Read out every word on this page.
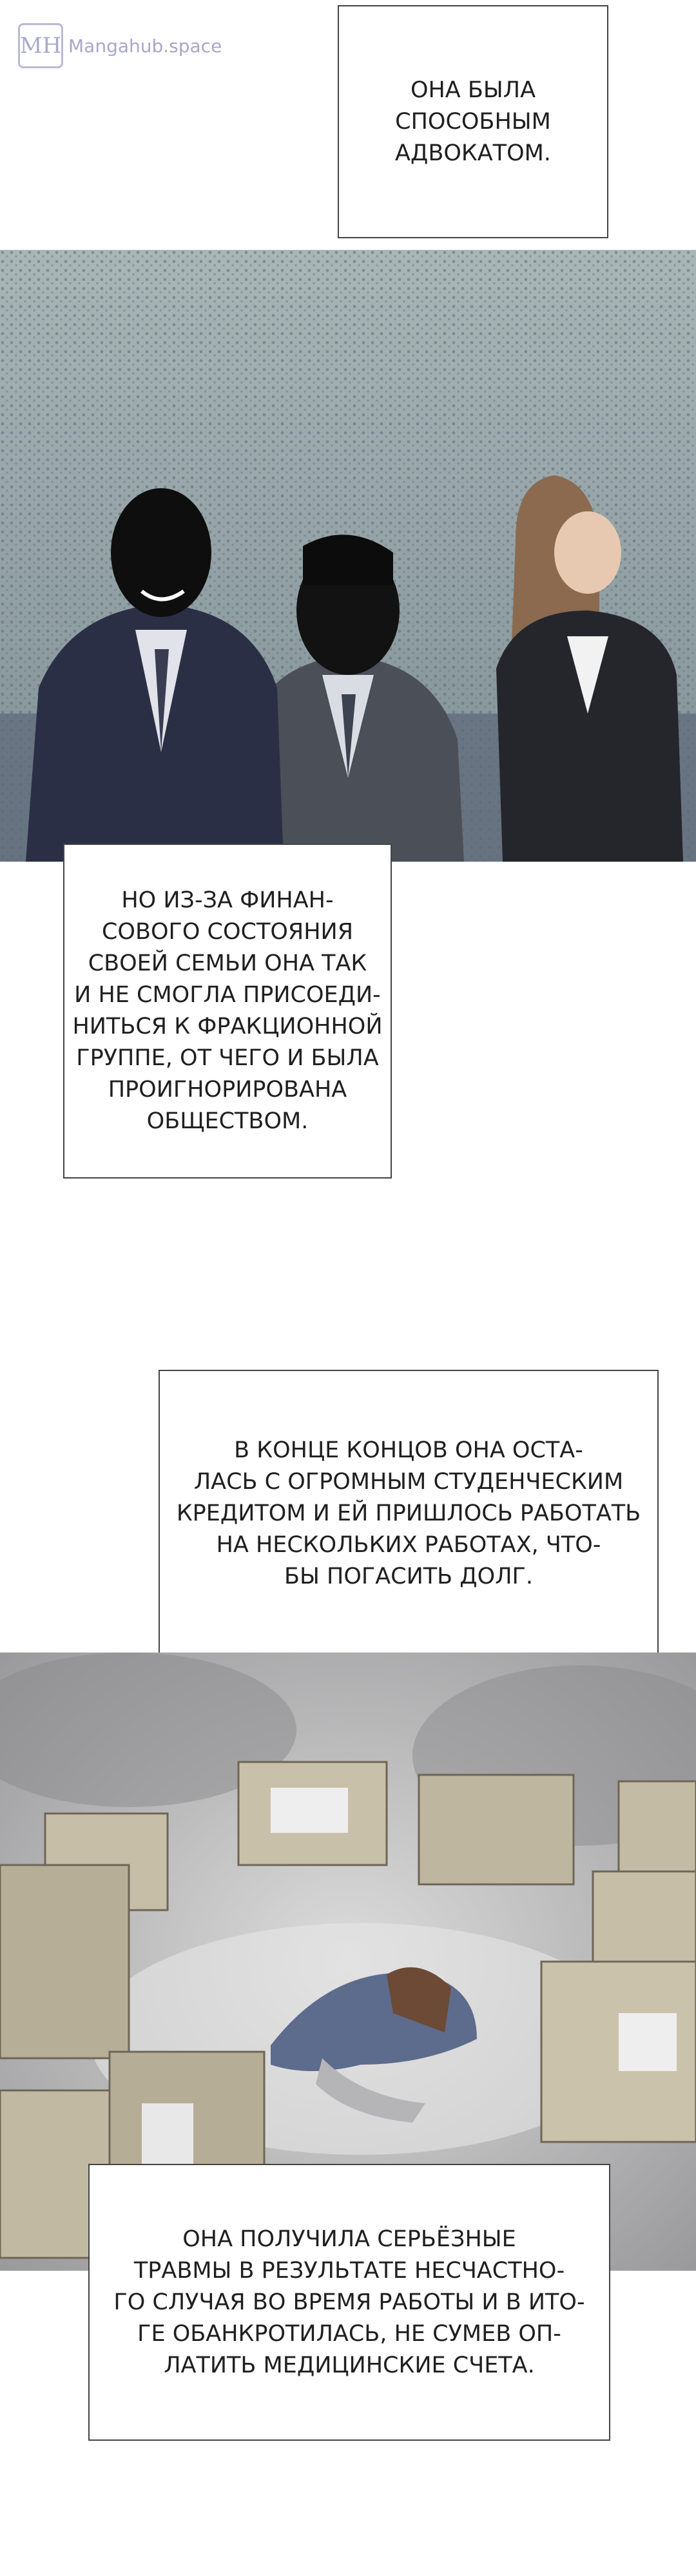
MH Mangahub.space
ОНА БЫЛА
СПОСОБНЫМ
АДВОКАТОМ.
НО ИЗ-ЗА ФИНАН-
СОВОГО СОСТОЯНИЯ
СВОЕЙ СЕМЬИ ОНА ТАК
И НЕ СМОГЛА ПРИСОЕДИ-
НИТЬСЯ К ФРАКЦИОННОЙ
ГРУППЕ, ОТ ЧЕГО И БЫЛА
ПРОИГНОРИРОВАНА
ОБЩЕСТВОМ.
В КОНЦЕ КОНЦОВ ОНА ОСТА-
ЛАСЬ С ОГРОМНЫМ СТУДЕНЧЕСКИМ
КРЕДИТОМ И ЕЙ ПРИШЛОСЬ РАБОТАТЬ
НА НЕСКОЛЬКИХ РАБОТАХ, ЧТО-
БЫ ПОГАСИТЬ ДОЛГ.
ОНА ПОЛУЧИЛА СЕРЬЁЗНЫЕ
ТРАВМЫ В РЕЗУЛЬТАТЕ НЕСЧАСТНО-
ГО СЛУЧАЯ ВО ВРЕМЯ РАБОТЫ И В ИТО-
ГЕ ОБАНКРОТИЛАСЬ, НЕ СУМЕВ ОП-
ЛАТИТЬ МЕДИЦИНСКИЕ СЧЕТА.
